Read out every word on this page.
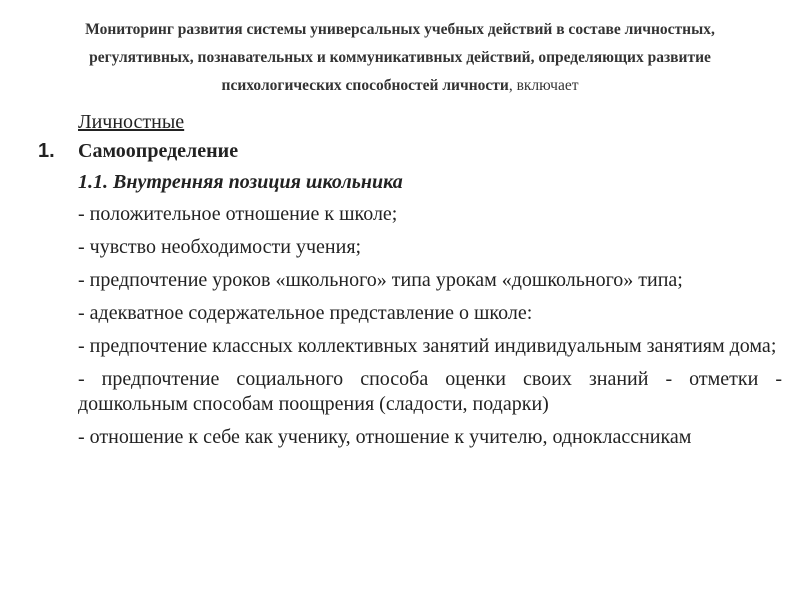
Мониторинг развития системы универсальных учебных действий в составе личностных, регулятивных, познавательных и коммуникативных действий, определяющих развитие психологических способностей личности, включает
Личностные
1. Самоопределение
1.1. Внутренняя позиция школьника
- положительное отношение к школе;
- чувство необходимости учения;
- предпочтение уроков «школьного» типа урокам «дошкольного» типа;
- адекватное содержательное представление о школе:
- предпочтение классных коллективных занятий индивидуальным занятиям дома;
- предпочтение социального способа оценки своих знаний - отметки - дошкольным способам поощрения (сладости, подарки)
- отношение к себе как ученику, отношение к учителю, одноклассникам
